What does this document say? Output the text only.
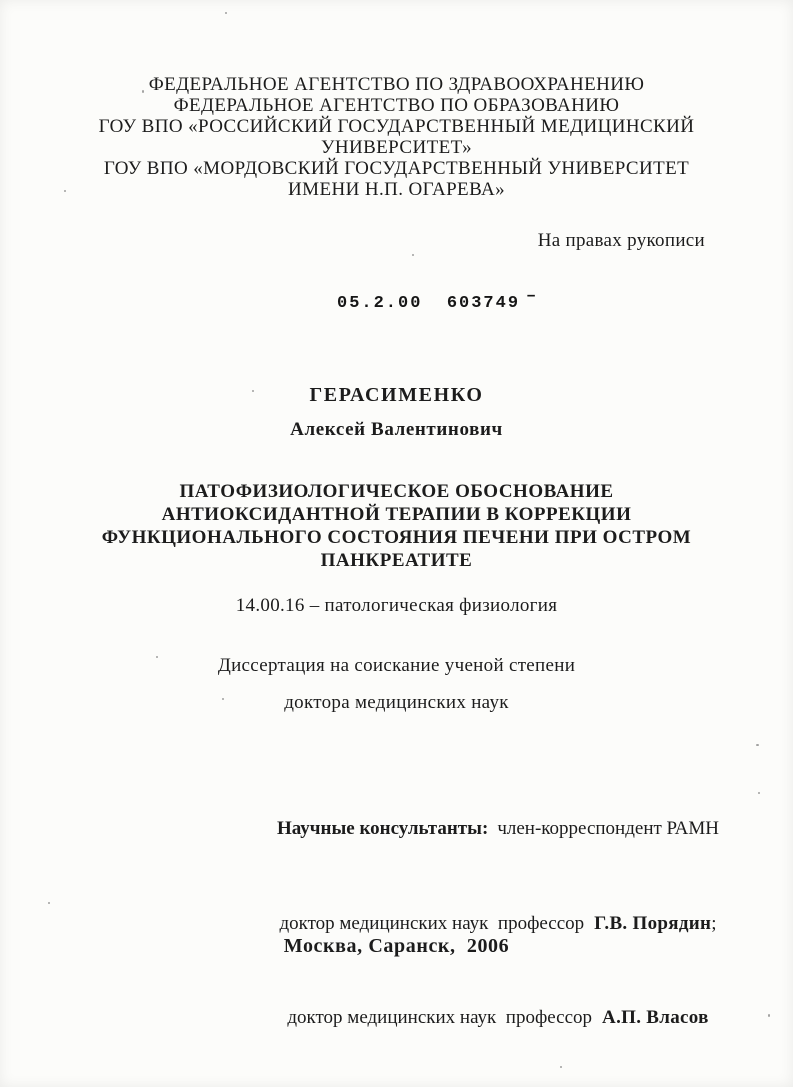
ФЕДЕРАЛЬНОЕ АГЕНТСТВО ПО ЗДРАВООХРАНЕНИЮ
ФЕДЕРАЛЬНОЕ АГЕНТСТВО ПО ОБРАЗОВАНИЮ
ГОУ ВПО «РОССИЙСКИЙ ГОСУДАРСТВЕННЫЙ МЕДИЦИНСКИЙ
УНИВЕРСИТЕТ»
ГОУ ВПО «МОРДОВСКИЙ ГОСУДАРСТВЕННЫЙ УНИВЕРСИТЕТ
ИМЕНИ Н.П. ОГАРЕВА»
На правах рукописи
05.2.00  603749 –
ГЕРАСИМЕНКО
Алексей Валентинович
ПАТОФИЗИОЛОГИЧЕСКОЕ ОБОСНОВАНИЕ
АНТИОКСИДАНТНОЙ ТЕРАПИИ В КОРРЕКЦИИ
ФУНКЦИОНАЛЬНОГО СОСТОЯНИЯ ПЕЧЕНИ ПРИ ОСТРОМ
ПАНКРЕАТИТЕ
14.00.16 – патологическая физиология
Диссертация на соискание ученой степени
доктора медицинских наук

Научные консультанты: член-корреспондент РАМН

доктор медицинских наук  профессор Г.В. Порядин;

доктор медицинских наук  профессор А.П. Власов

Москва, Саранск,  2006
